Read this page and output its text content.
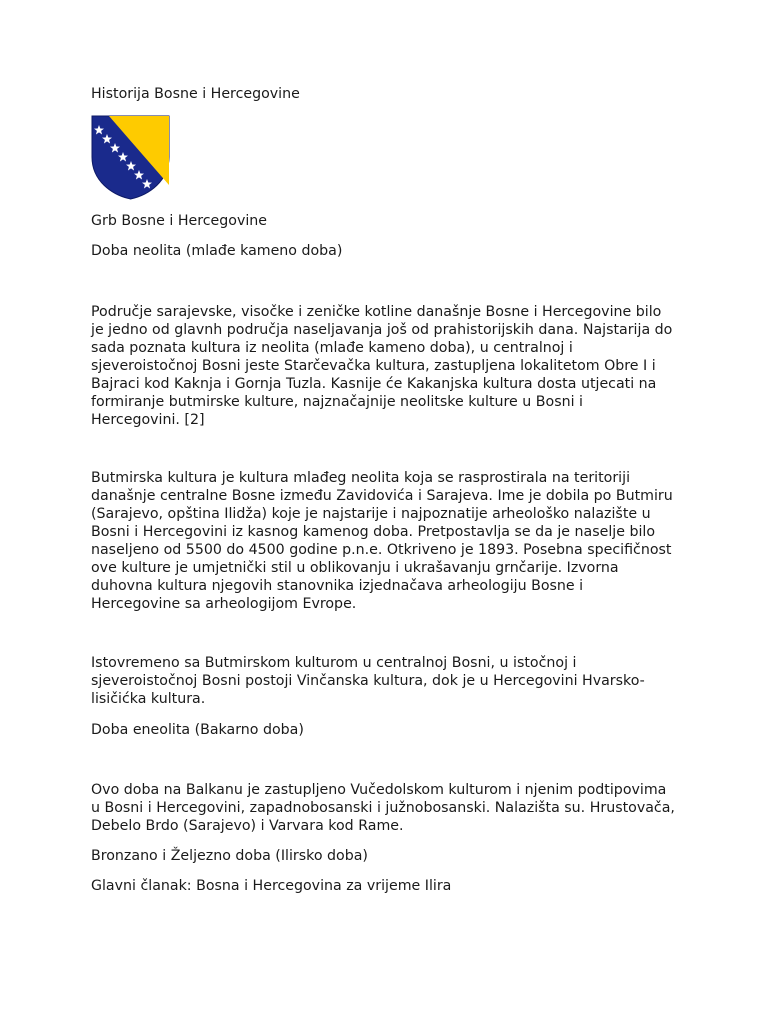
Historija Bosne i Hercegovine

Grb Bosne i Hercegovine

Doba neolita (mlađe kameno doba)

Područje sarajevske, visočke i zeničke kotline današnje Bosne i Hercegovine bilo
je jedno od glavnh područja naseljavanja još od prahistorijskih dana. Najstarija do
sada poznata kultura iz neolita (mlađe kameno doba), u centralnoj i
sjeveroistočnoj Bosni jeste Starčevačka kultura, zastupljena lokalitetom Obre I i
Bajraci kod Kaknja i Gornja Tuzla. Kasnije će Kakanjska kultura dosta utjecati na
formiranje butmirske kulture, najznačajnije neolitske kulture u Bosni i
Hercegovini. [2]
Butmirska kultura je kultura mlađeg neolita koja se rasprostirala na teritoriji
današnje centralne Bosne između Zavidovića i Sarajeva. Ime je dobila po Butmiru
(Sarajevo, opština Ilidža) koje je najstarije i najpoznatije arheološko nalazište u
Bosni i Hercegovini iz kasnog kamenog doba. Pretpostavlja se da je naselje bilo
naseljeno od 5500 do 4500 godine p.n.e. Otkriveno je 1893. Posebna specifičnost
ove kulture je umjetnički stil u oblikovanju i ukrašavanju grnčarije. Izvorna
duhovna kultura njegovih stanovnika izjednačava arheologiju Bosne i
Hercegovine sa arheologijom Evrope.
Istovremeno sa Butmirskom kulturom u centralnoj Bosni, u istočnoj i
sjeveroistočnoj Bosni postoji Vinčanska kultura, dok je u Hercegovini Hvarsko-
lisičićka kultura.

Doba eneolita (Bakarno doba)

Ovo doba na Balkanu je zastupljeno Vučedolskom kulturom i njenim podtipovima
u Bosni i Hercegovini, zapadnobosanski i južnobosanski. Nalazišta su. Hrustovača,
Debelo Brdo (Sarajevo) i Varvara kod Rame.

Bronzano i Željezno doba (Ilirsko doba)

Glavni članak: Bosna i Hercegovina za vrijeme Ilira
